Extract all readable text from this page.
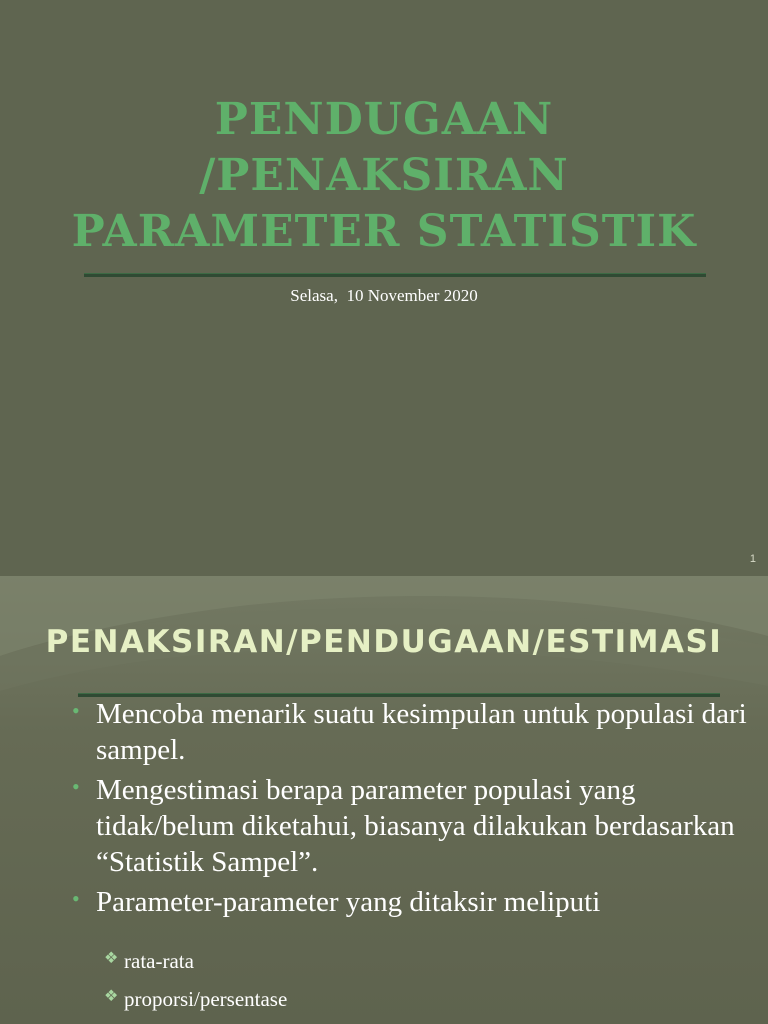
PENDUGAAN
/PENAKSIRAN
PARAMETER STATISTIK
Selasa,  10 November 2020
1
PENAKSIRAN/PENDUGAAN/ESTIMASI
• Mencoba menarik suatu kesimpulan untuk populasi dari sampel.
• Mengestimasi berapa parameter populasi yang tidak/belum diketahui, biasanya dilakukan berdasarkan “Statistik Sampel”.
• Parameter-parameter yang ditaksir meliputi
❖ rata-rata
❖ proporsi/persentase
